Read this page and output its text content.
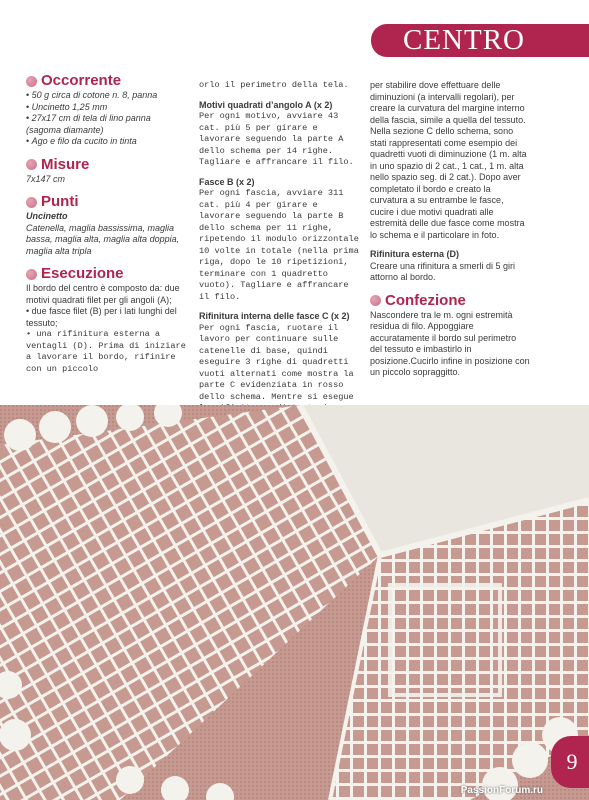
CENTRO
Occorrente
• 50 g circa di cotone n. 8, panna
• Uncinetto 1,25 mm
• 27x17 cm di tela di lino panna (sagoma diamante)
• Ago e filo da cucito in tinta
Misure

7x147 cm

Punti

Uncinetto

Catenella, maglia bassissima, maglia bassa, maglia alta, maglia alta doppia, maglia alta tripla

Esecuzione

Il bordo del centro è composto da: due motivi quadrati filet per gli angoli (A);

• due fasce filet (B) per i lati lunghi del tessuto;

• una rifinitura esterna a ventagli (D). Prima di iniziare a lavorare il bordo, rifinire con un piccolo

orlo il perimetro della tela.

Motivi quadrati d’angolo A (x 2)

Per ogni motivo, avviare 43 cat. più 5 per girare e lavorare seguendo la parte A dello schema per 14 righe. Tagliare e affrancare il filo.

Fasce B (x 2)

Per ogni fascia, avviare 311 cat. più 4 per girare e lavorare seguendo la parte B dello schema per 11 righe, ripetendo il modulo orizzontale 10 volte in totale (nella prima riga, dopo le 10 ripetizioni, terminare con 1 quadretto vuoto). Tagliare e affrancare il filo.

Rifinitura interna delle fasce C (x 2)

Per ogni fascia, ruotare il lavoro per continuare sulle catenelle di base, quindi eseguire 3 righe di quadretti vuoti alternati come mostra la parte C evidenziata in rosso dello schema. Mentre si esegue

per stabilire dove effettuare delle diminuzioni (a intervalli regolari), per creare la curvatura del margine interno della fascia, simile a quella del tessuto. Nella sezione C dello schema, sono stati rappresentati come esempio dei quadretti vuoti di diminuzione (1 m. alta in uno spazio di 2 cat., 1 cat., 1 m. alta nello spazio seg. di 2 cat.). Dopo aver completato il bordo e creato la curvatura a su entrambe le fasce, cucire i due motivi quadrati alle estremità delle due fasce come mostra lo schema e il particolare in foto.

Rifinitura esterna (D)

Creare una rifinitura a smerli di 5 giri attorno al bordo.

Confezione

Nascondere tra le m. ogni estremità residua di filo. Appoggiare accuratamente il bordo sul perimetro del tessuto e imbastirlo in posizione.Cucirlo infine in posizione con un piccolo sopraggitto.

9
PassionForum.ru
